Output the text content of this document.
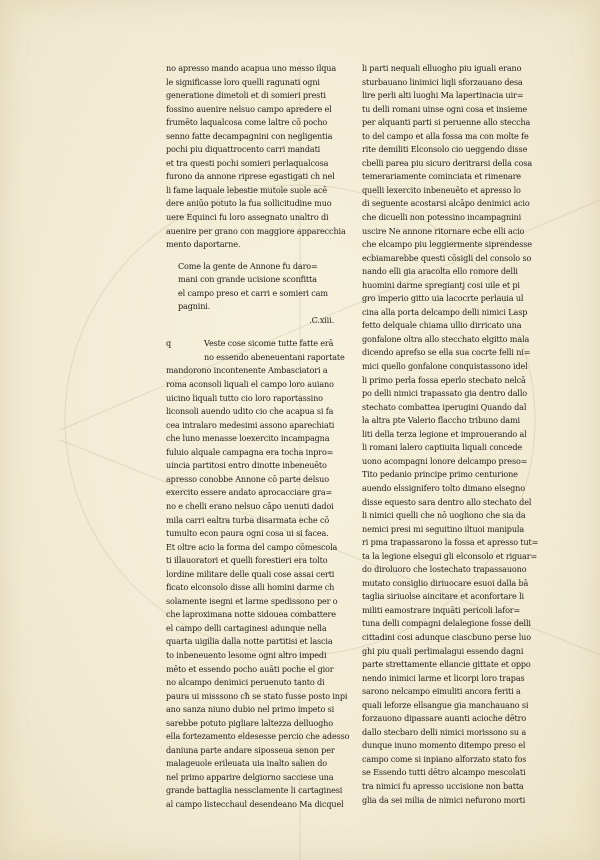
no apresso mando acapua uno messo ilqua
le significasse loro quelli ragunati ogni
generatione dimetoli et di somieri presti
fossino auenire nelsuo campo apredere el
frumēto laqualcosa come laltre cō pocho
senno fatte decampagnini con negligentia
pochi piu diquattrocento carri mandati
et tra questi pochi somieri perlaqualcosa
furono da annone riprese egastigati ch nel
li fame laquale lebestie mutole suole acē
dere aniūo potuto la fua sollicitudine muo
uere Equinci fu loro assegnato unaltro di
auenire per grano con maggiore apparecchia
mento daportarne.
Come la gente de Annone fu daro=
mani con grande ucisione sconfitta
el campo preso et carri e somieri cam
pagnini.
.C.xiii.
q	Veste cose sicome tutte fatte erā
no essendo abeneuentani raportate
mandorono incontenente Ambasciatori a
roma aconsoli liquali el campo loro auiano
uicino liquali tutto cio loro raportassino
liconsoli auendo udito cio che acapua si fa
cea intralaro medesimi assono aparechiati
che luno menasse loexercito incampagna
fuluio alquale campagna era tocha inpro=
uincia partitosi entro dinotte inbeneuēto
apresso conobbe Annone cō parte delsuo
exercito essere andato aprocacciare gra=
no e chelli erano nelsuo cāpo uenuti dadoi
mila carri ealtra turba disarmata eche cō
tumulto econ paura ogni cosa ui si facea.
Et oltre acio la forma del campo cōmescola
ti illauoratori et quelli forestieri era tolto
lordine militare delle quali cose assai certi
ficato elconsolo disse alli homini darme ch
solamente isegni et larme spedissono per o
che laproximana notte sidouea combattere
el campo delli cartaginesi adunque nella
quarta uigilia dalla notte partitisi et lascia
to inbeneuento lesome ogni altro impedi
mēto et essendo pocho auāti poche el gior
no alcampo denimici peruenuto tanto di
paura ui misssono cħ se stato fusse posto inpi
ano sanza niuno dubio nel primo impeto si
sarebbe potuto pigliare laltezza delluogho
ella fortezamento eldesesse percio che adesso
daniuna parte andare siposseua senon per
malageuole erileuata uia inalto salien do
nel primo apparire delgiorno sacciese una
grande battaglia nessclamente li cartaginesi
al campo listecchaul desendeano Ma dicquel
li parti nequali elluogho piu iguali erano
sturbauano linimici liqli sforzauano desa
lire perli alti luoghi Ma lapertinacia uir=
tu delli romani uinse ogni cosa et insieme
per alquanti parti si peruenne allo steccha
to del campo et alla fossa ma con molte fe
rite demiliti Elconsolo cio ueggendo disse
cbelli parea piu sicuro deritrarsi della cosa
temerariamente cominciata et rimenare
quelli lexercito inbeneuēto et apresso lo
di seguente acostarsi alcāpo denimici acio
che dicuelli non potessino incampagnini
uscire Ne annone ritornare ecbe elli acio
che elcampo piu leggiermente siprendesse
ecbiamarebbe questi cōsigli del consolo so
nando elli gia aracolta ello romore delli
huomini darme spregiantj cosi uile et pi
gro imperio gitto uia lacocrte perlauia ul
cina alla porta delcampo delli nimici Lasp
fetto delquale chiama ullio dirricato una
gonfalone oltra allo stecchato elgitto mala
dicendo aprefso se ella sua cocrte felli ni=
mici quello gonfalone conquistassono idel
li primo perla fossa eperlo stecbato nelcā
po delli nimici trapassato gia dentro dallo
stechato combattea iperugini Quando dal
la altra pte Valerio flaccho tribuno dami
liti della terza legione et improuerando al
li romani lalero captiuita liquali concede
uono acompagni lonore delcampo preso=
Tito pedanio principe primo centurione
auendo elssignifero tolto dimano elsegno
disse equesto sara dentro allo stechato del
li nimici quelli che nō uogliono che sia da
nemici presi mi seguitino iltuoi manipula
ri pma trapassarono la fossa et apresso tut=
ta la legione elsegui gli elconsolo et riguar=
do diroluoro che lostechato trapassauono
mutato consiglio diriuocare esuoi dalla bā
taglia siriuolse aincitare et aconfortare li
militi eamostrare inquāti pericoli lafor=
tuna delli compagni delalegione fosse delli
cittadini cosi adunque ciascbuno perse luo
ghi piu quali perlimalagui essendo dagni
parte strettamente ellancie gittate et oppo
nendo inimici larme et licorpi loro trapas
sarono nelcampo eimuliti ancora feriti a
quali leforze ellsangue gia manchauano si
forzauono dipassare auanti acioche dētro
dallo stecbaro delli nimici morissono su a
dunque inuno momento ditempo preso el
campo come si inpiano alforzato stato fos
se Essendo tutti dētro alcampo mescolati
tra nimici fu apresso uccisione non batta
glia da sei milia de nimici nefurono morti
